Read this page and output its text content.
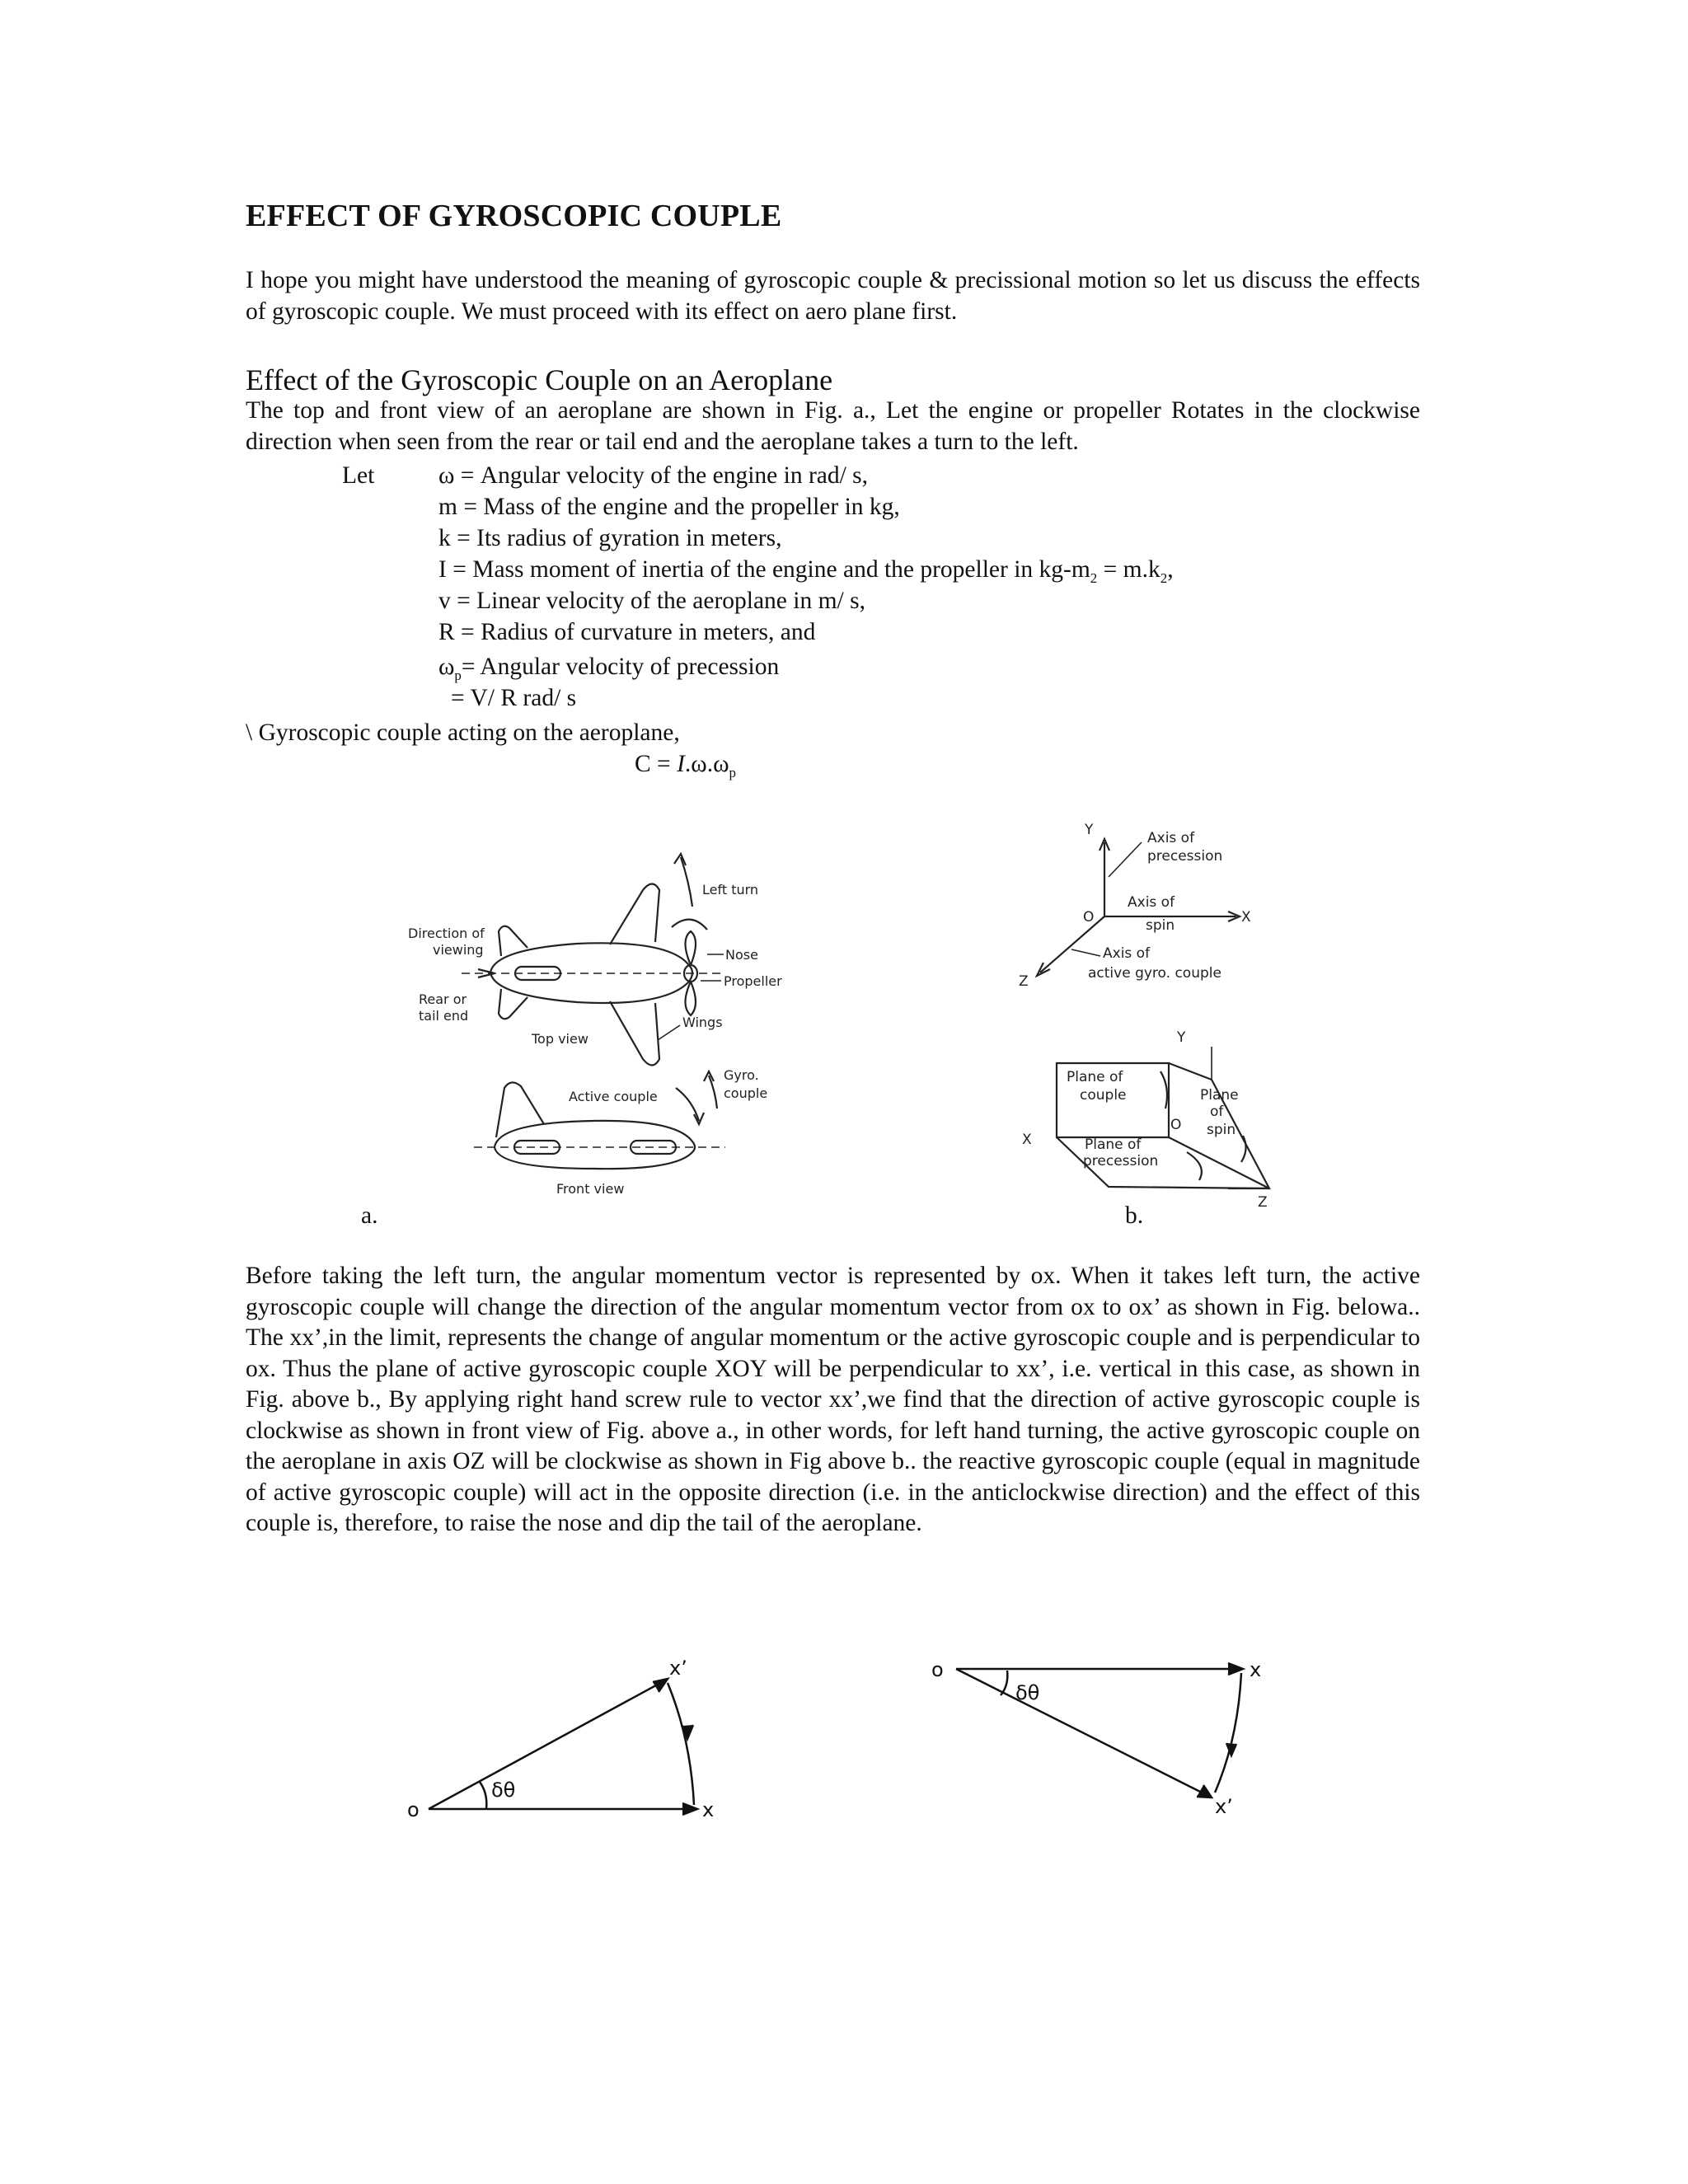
EFFECT OF GYROSCOPIC COUPLE

I hope you might have understood the meaning of gyroscopic couple & precissional motion so let us discuss the effects of gyroscopic couple. We must proceed with its effect on aero plane first.

Effect of the Gyroscopic Couple on an Aeroplane

The top and front view of an aeroplane are shown in Fig. a., Let the engine or propeller Rotates in the clockwise direction when seen from the rear or tail end and the aeroplane takes a turn to the left.

Let	ω = Angular velocity of the engine in rad/ s,
m = Mass of the engine and the propeller in kg,
k = Its radius of gyration in meters,
I = Mass moment of inertia of the engine and the propeller in $kg-m_2 = m.k_2$,
v = Linear velocity of the aeroplane in m/ s,
R = Radius of curvature in meters, and
$\omega_p=$ Angular velocity of precession
= V/ R rad/ s
\ Gyroscopic couple acting on the aeroplane,
$C = I.\omega.\omega_p$
Left turn
Direction of
viewing	Nose
Propeller
Rear or
tail end	Wings
Top view
Active couple
Gyro.
couple
Front view
a.
Y	Axis of
precession
O
Axis of
spin	X
Z
Axis of
active gyro. couple
Y
Plane of
couple	Plane
of
spin
X
O
Plane of
precession
Z
b.

Before taking the left turn, the angular momentum vector is represented by ox. When it takes left turn, the active gyroscopic couple will change the direction of the angular momentum vector from ox to ox’ as shown in Fig. belowa.. The xx’,in the limit, represents the change of angular momentum or the active gyroscopic couple and is perpendicular to ox. Thus the plane of active gyroscopic couple XOY will be perpendicular to xx’, i.e. vertical in this case, as shown in Fig. above b., By applying right hand screw rule to vector xx’,we find that the direction of active gyroscopic couple is clockwise as shown in front view of Fig. above a., in other words, for left hand turning, the active gyroscopic couple on the aeroplane in axis OZ will be clockwise as shown in Fig above b.. the reactive gyroscopic couple (equal in magnitude of active gyroscopic couple) will act in the opposite direction (i.e. in the anticlockwise direction) and the effect of this couple is, therefore, to raise the nose and dip the tail of the aeroplane.

o	x
x’
δθ
o	x
x’
δθ
